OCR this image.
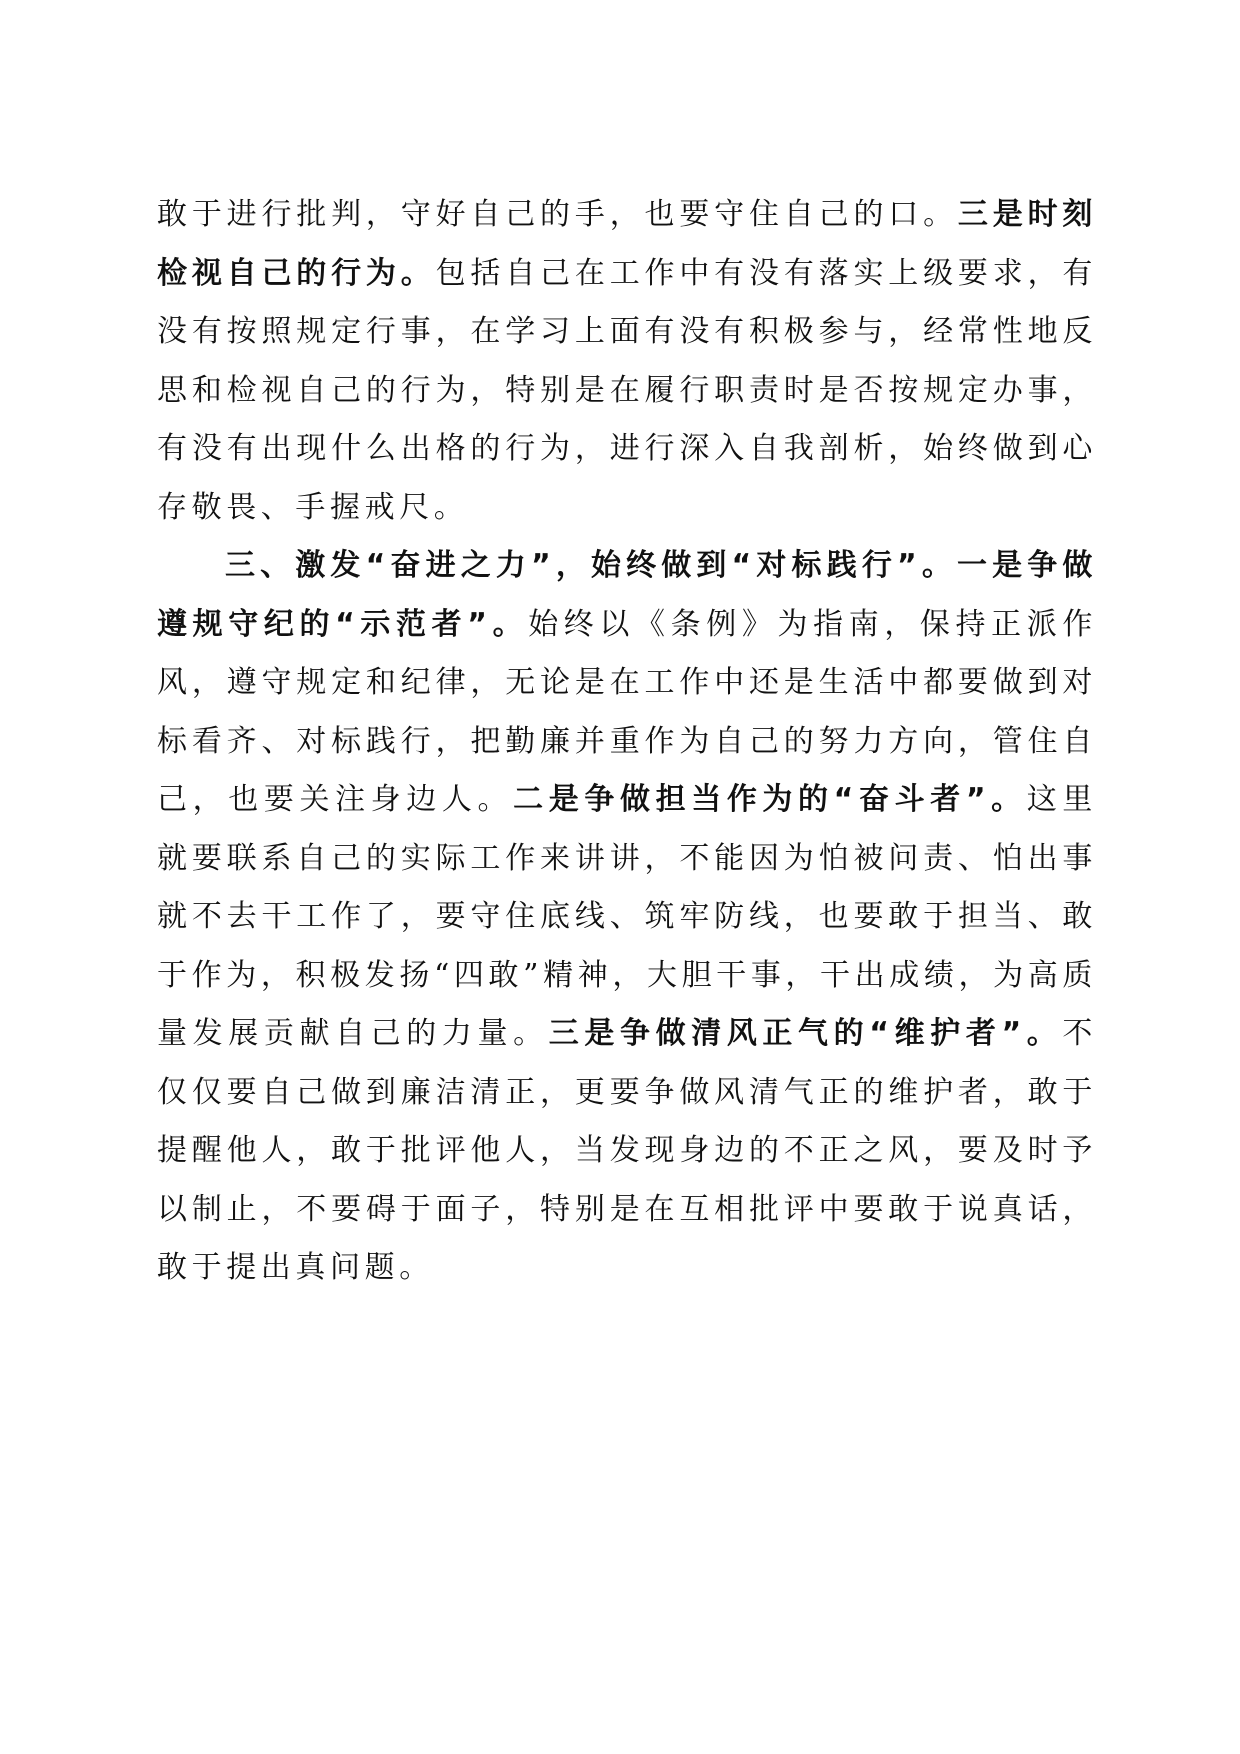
敢于进行批判，守好自己的手，也要守住自己的口。三是时刻检视自己的行为。包括自己在工作中有没有落实上级要求，有没有按照规定行事，在学习上面有没有积极参与，经常性地反思和检视自己的行为，特别是在履行职责时是否按规定办事，有没有出现什么出格的行为，进行深入自我剖析，始终做到心存敬畏、手握戒尺。

三、激发“奋进之力”，始终做到“对标践行”。一是争做遵规守纪的“示范者”。始终以《条例》为指南，保持正派作风，遵守规定和纪律，无论是在工作中还是生活中都要做到对标看齐、对标践行，把勤廉并重作为自己的努力方向，管住自己，也要关注身边人。二是争做担当作为的“奋斗者”。这里就要联系自己的实际工作来讲讲，不能因为怕被问责、怕出事就不去干工作了，要守住底线、筑牢防线，也要敢于担当、敢于作为，积极发扬“四敢”精神，大胆干事，干出成绩，为高质量发展贡献自己的力量。三是争做清风正气的“维护者”。不仅仅要自己做到廉洁清正，更要争做风清气正的维护者，敢于提醒他人，敢于批评他人，当发现身边的不正之风，要及时予以制止，不要碍于面子，特别是在互相批评中要敢于说真话，敢于提出真问题。
